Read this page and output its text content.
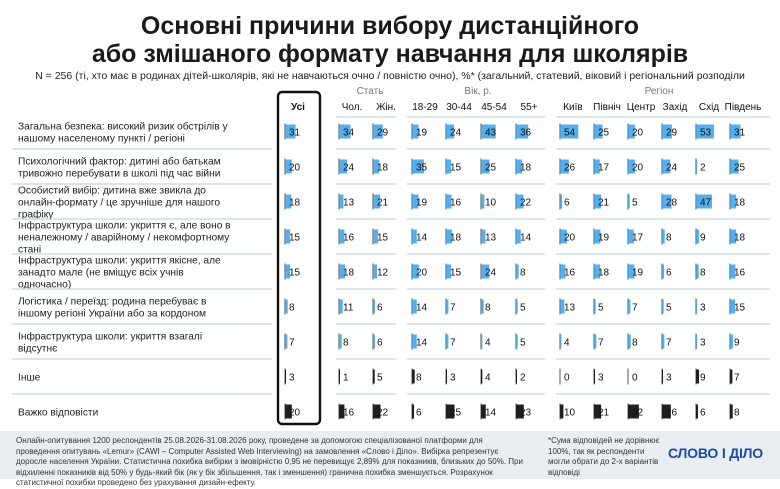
Основні причини вибору дистанційного
або змішаного формату навчання для школярів
N = 256 (ті, хто має в родинах дітей-школярів, які не навчаються очно / повністю очно), %* (загальний, статевий, віковий і регіональний розподіли
Усі
Стать
Чол. Жін.
Вік, р.
18-29 30-44 45-54 55+
Регіон
Київ Північ Центр Захід Схід Південь
Загальна безпека: високий ризик обстрілів у
нашому населеному пункті / регіоні
31	34 29	19 24 43 36	54 25 20 29 53 31
Психологічний фактор: дитині або батькам
тривожно перебувати в школі під час війни
20	24 18	35 15 25 18	26 17 20 24 2	25
Особистий вибір: дитина вже звикла до
онлайн-формату / це зручніше для нашого
графіку
18	13 21	19 16 10 22	6	21 5	28 47 18
Інфраструктура школи: укриття є, але воно в
неналежному / аварійному / некомфортному
стані
15	16 15	14 18 13 14	20 19 17 8	9	18
Інфраструктура школи: укриття якісне, але
занадто мале (не вміщує всіх учнів
одночасно)
15	18 12	20 15 24 8	16 18 19 6	8	16
Логістика / переїзд: родина перебуває в
іншому регіоні України або за кордоном
8	11 6	14 7	8	5	13 5	7	5	3	15
Інфраструктура школи: укриття взагалі
відсутнє
7	8	6	14 7	4	5	4	7	8	7	3	9
Інше	3	1	5	8	3	4	2	0	3	0	3	9	7
Важко відповісти	20	16 22	6	25 14 23	10 21 32 26 6	8
Онлайн-опитування 1200 респондентів 25.08.2026-31.08.2026 року, проведене за допомогою спеціалізованої платформи для проведення опитувань «Lemur» (CAWI – Computer Assisted Web Interviewing) на замовлення «Слово і Діло». Вибірка репрезентує доросле населення України. Статистична похибка вибірки з імовірністю 0,95 не перевищує 2,89% для показників, близьких до 50%. При відхиленні показників від 50% у будь-який бік (як у бік збільшення, так і зменшення) гранична похибка зменшується. Розрахунок статистичної похибки проведено без урахування дизайн-ефекту.
*Сума відповідей не дорівнює 100%, так як респонденти могли обрати до 2-х варіантів відповіді
СЛОВО І ДІЛО
